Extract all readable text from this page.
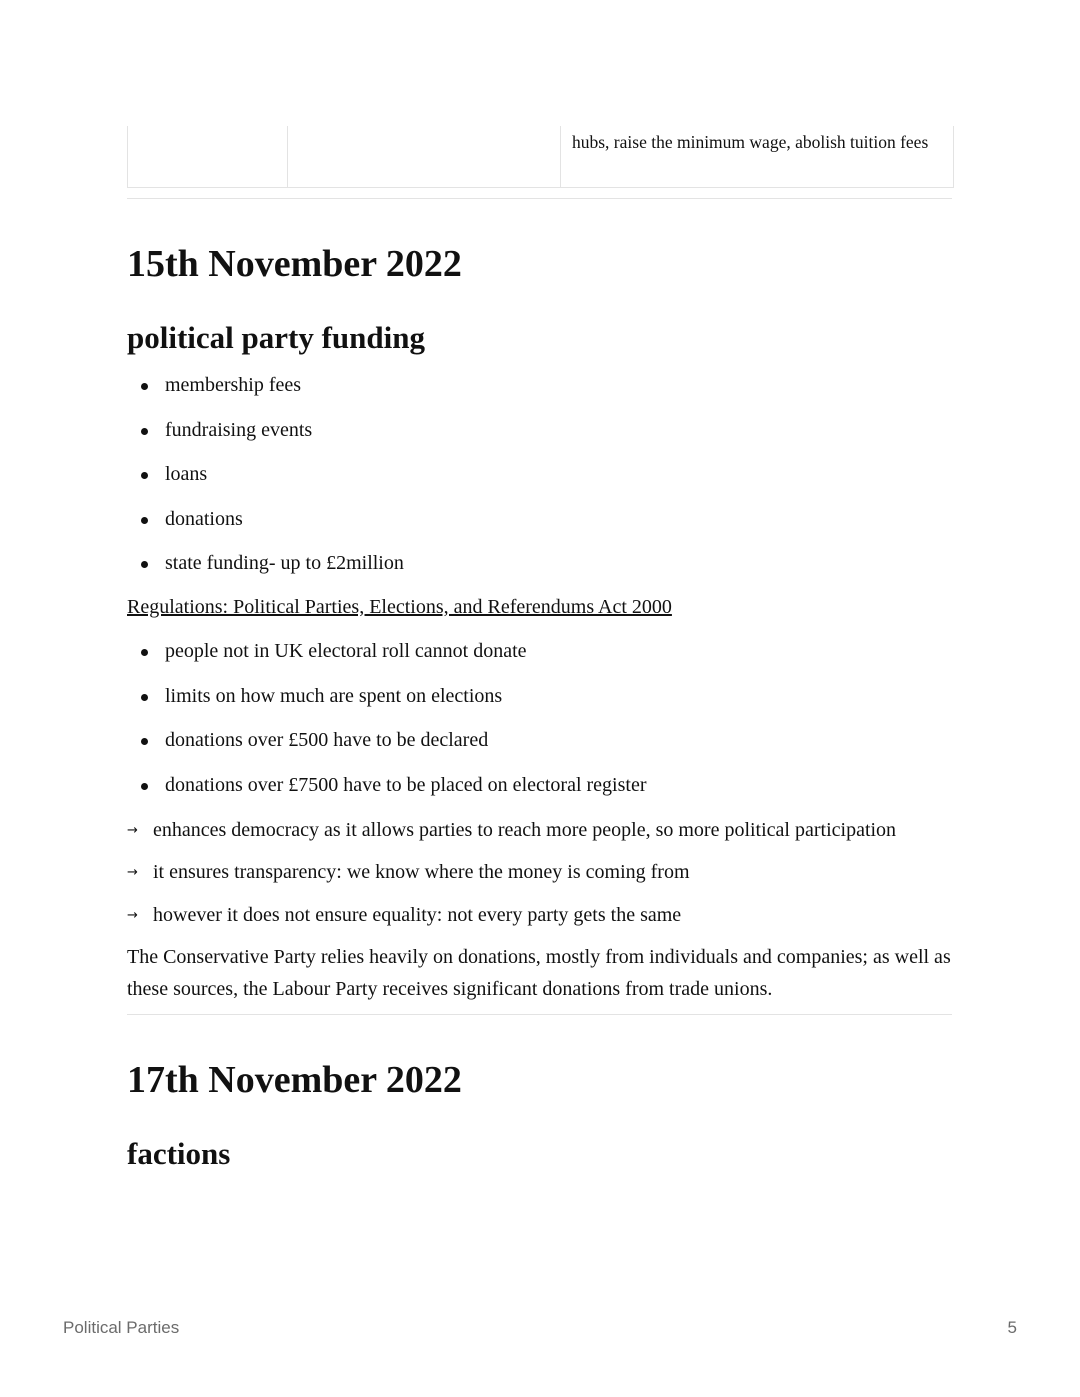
hubs, raise the minimum wage, abolish tuition fees
15th November 2022
political party funding
membership fees
fundraising events
loans
donations
state funding- up to £2million
Regulations: Political Parties, Elections, and Referendums Act 2000
people not in UK electoral roll cannot donate
limits on how much are spent on elections
donations over £500 have to be declared
donations over £7500 have to be placed on electoral register
→ enhances democracy as it allows parties to reach more people, so more political participation
→ it ensures transparency: we know where the money is coming from
→ however it does not ensure equality: not every party gets the same

The Conservative Party relies heavily on donations, mostly from individuals and companies; as well as these sources, the Labour Party receives significant donations from trade unions.

17th November 2022
factions
Political Parties	5
